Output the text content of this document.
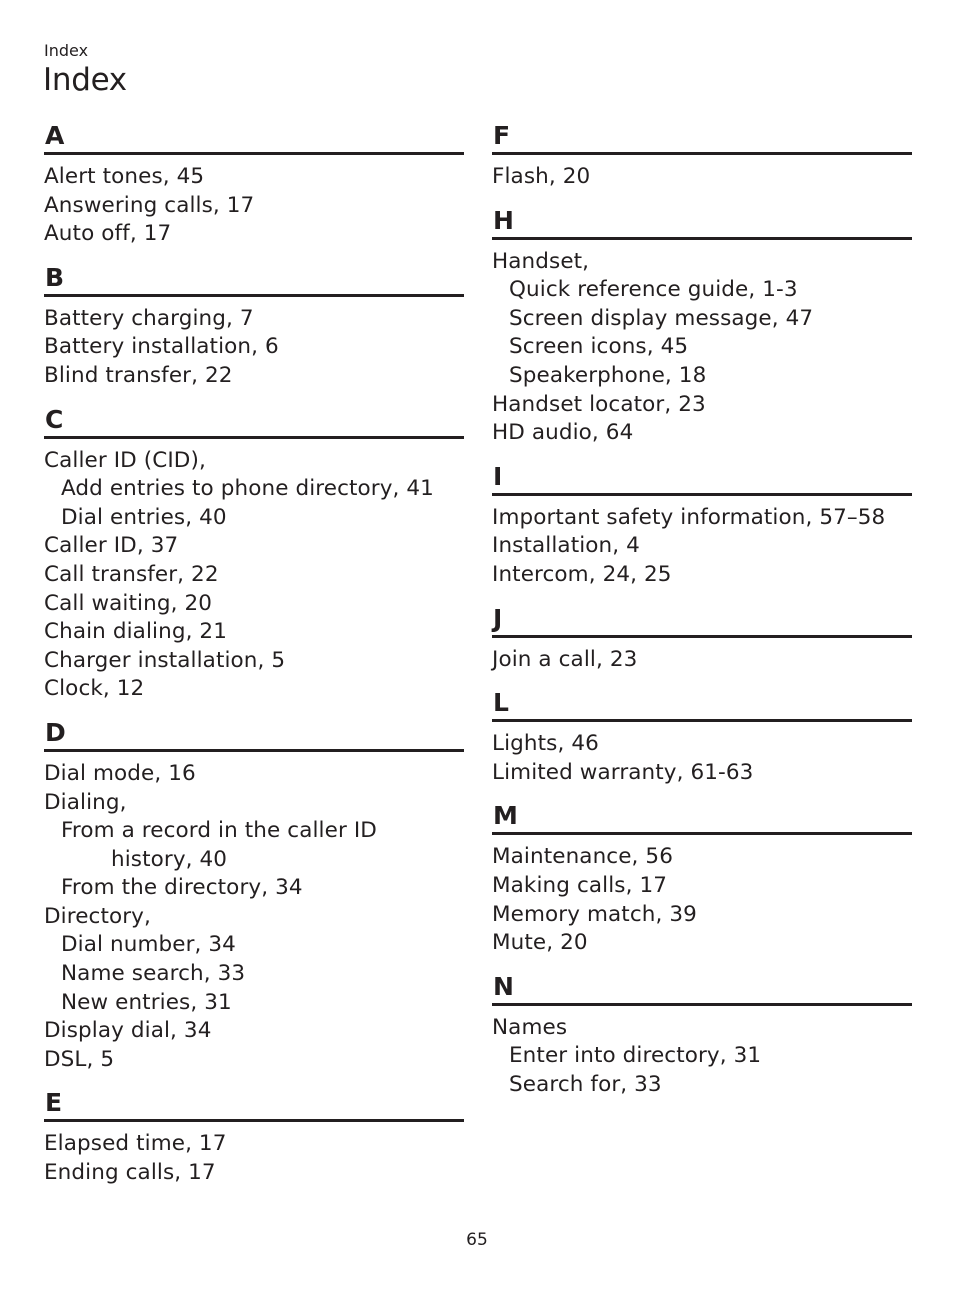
Index
Index
A
Alert tones, 45
Answering calls, 17
Auto off, 17
B
Battery charging, 7
Battery installation, 6
Blind transfer, 22
C
Caller ID (CID),
Add entries to phone directory, 41
Dial entries, 40
Caller ID, 37
Call transfer, 22
Call waiting, 20
Chain dialing, 21
Charger installation, 5
Clock, 12
D
Dial mode, 16
Dialing,
From a record in the caller ID
history, 40
From the directory, 34
Directory,
Dial number, 34
Name search, 33
New entries, 31
Display dial, 34
DSL, 5
E
Elapsed time, 17
Ending calls, 17
F
Flash, 20
H
Handset,
Quick reference guide, 1-3
Screen display message, 47
Screen icons, 45
Speakerphone, 18
Handset locator, 23
HD audio, 64
I
Important safety information, 57–58
Installation, 4
Intercom, 24, 25
J
Join a call, 23
L
Lights, 46
Limited warranty, 61-63
M
Maintenance, 56
Making calls, 17
Memory match, 39
Mute, 20
N
Names
Enter into directory, 31
Search for, 33
65
